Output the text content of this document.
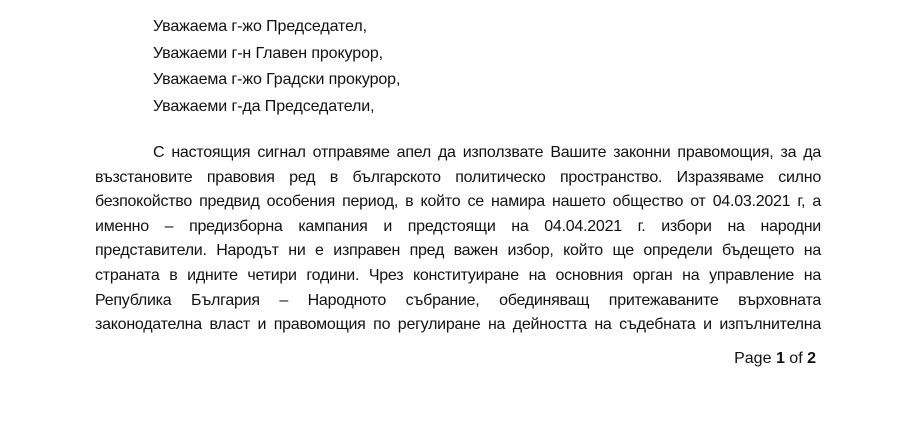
Уважаема г-жо Председател,
Уважаеми г-н Главен прокурор,
Уважаема г-жо Градски прокурор,
Уважаеми г-да Председатели,
С настоящия сигнал отправяме апел да използвате Вашите законни правомощия, за да
възстановите правовия ред в българското политическо пространство. Изразяваме силно
безпокойство предвид особения период, в който се намира нашето общество от 04.03.2021 г, а
именно – предизборна кампания и предстоящи на 04.04.2021 г. избори на народни
представители. Народът ни е изправен пред важен избор, който ще определи бъдещето на
страната в идните четири години. Чрез конституиране на основния орган на управление на
Република България – Народното събрание, обединяващ притежаваните върховната
законодателна власт и правомощия по регулиране на дейността на съдебната и изпълнителна
Page 1 of 2
